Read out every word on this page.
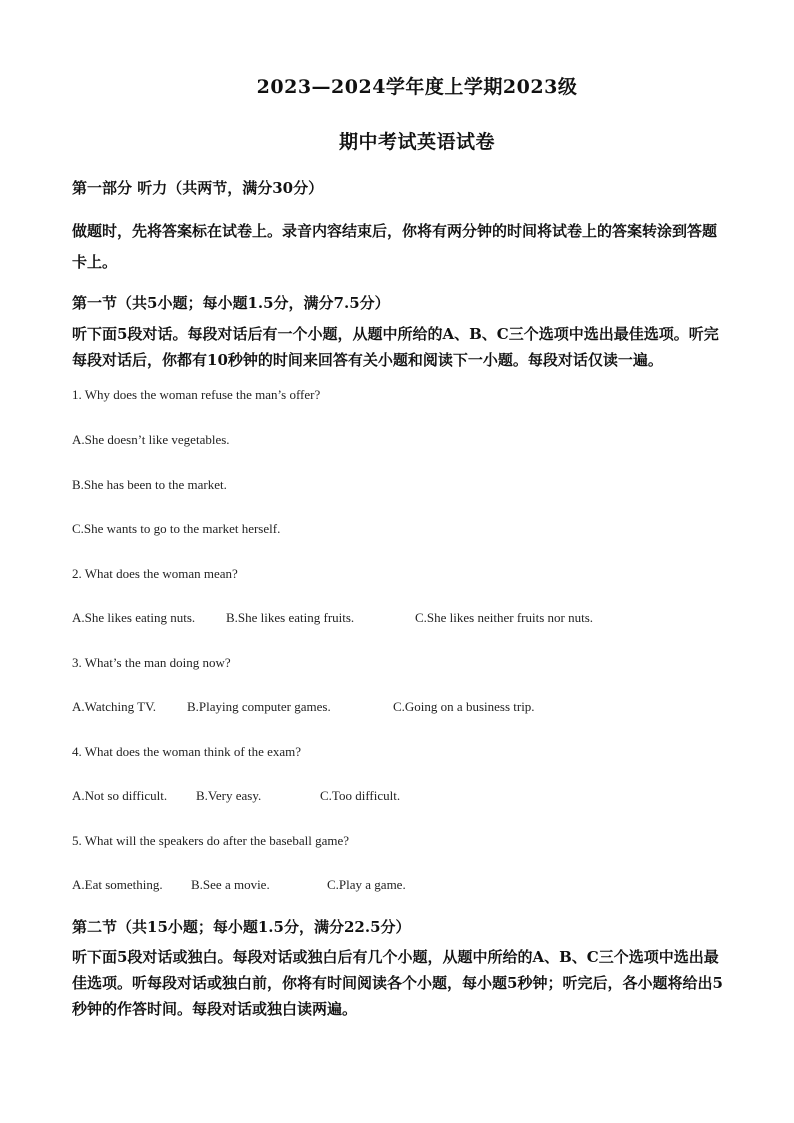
2023—2024学年度上学期2023级
期中考试英语试卷

第一部分 听力（共两节，满分30分）

做题时，先将答案标在试卷上。录音内容结束后，你将有两分钟的时间将试卷上的答案转涂到答题卡上。

第一节（共5小题；每小题1.5分，满分7.5分）

听下面5段对话。每段对话后有一个小题，从题中所给的A、B、C三个选项中选出最佳选项。听完每段对话后，你都有10秒钟的时间来回答有关小题和阅读下一小题。每段对话仅读一遍。

1. Why does the woman refuse the man’s offer?

A.She doesn’t like vegetables.

B.She has been to the market.

C.She wants to go to the market herself.

2. What does the woman mean?

A.She likes eating nuts. B.She likes eating fruits.	C.She likes neither fruits nor nuts.

3. What’s the man doing now?

A.Watching TV. B.Playing computer games.	C.Going on a business trip.

4. What does the woman think of the exam?

A.Not so difficult. B.Very easy.	C.Too difficult.

5. What will the speakers do after the baseball game?

A.Eat something. B.See a movie.	C.Play a game.

第二节（共15小题；每小题1.5分，满分22.5分）

听下面5段对话或独白。每段对话或独白后有几个小题，从题中所给的A、B、C三个选项中选出最佳选项。听每段对话或独白前，你将有时间阅读各个小题，每小题5秒钟；听完后，各小题将给出5秒钟的作答时间。每段对话或独白读两遍。
